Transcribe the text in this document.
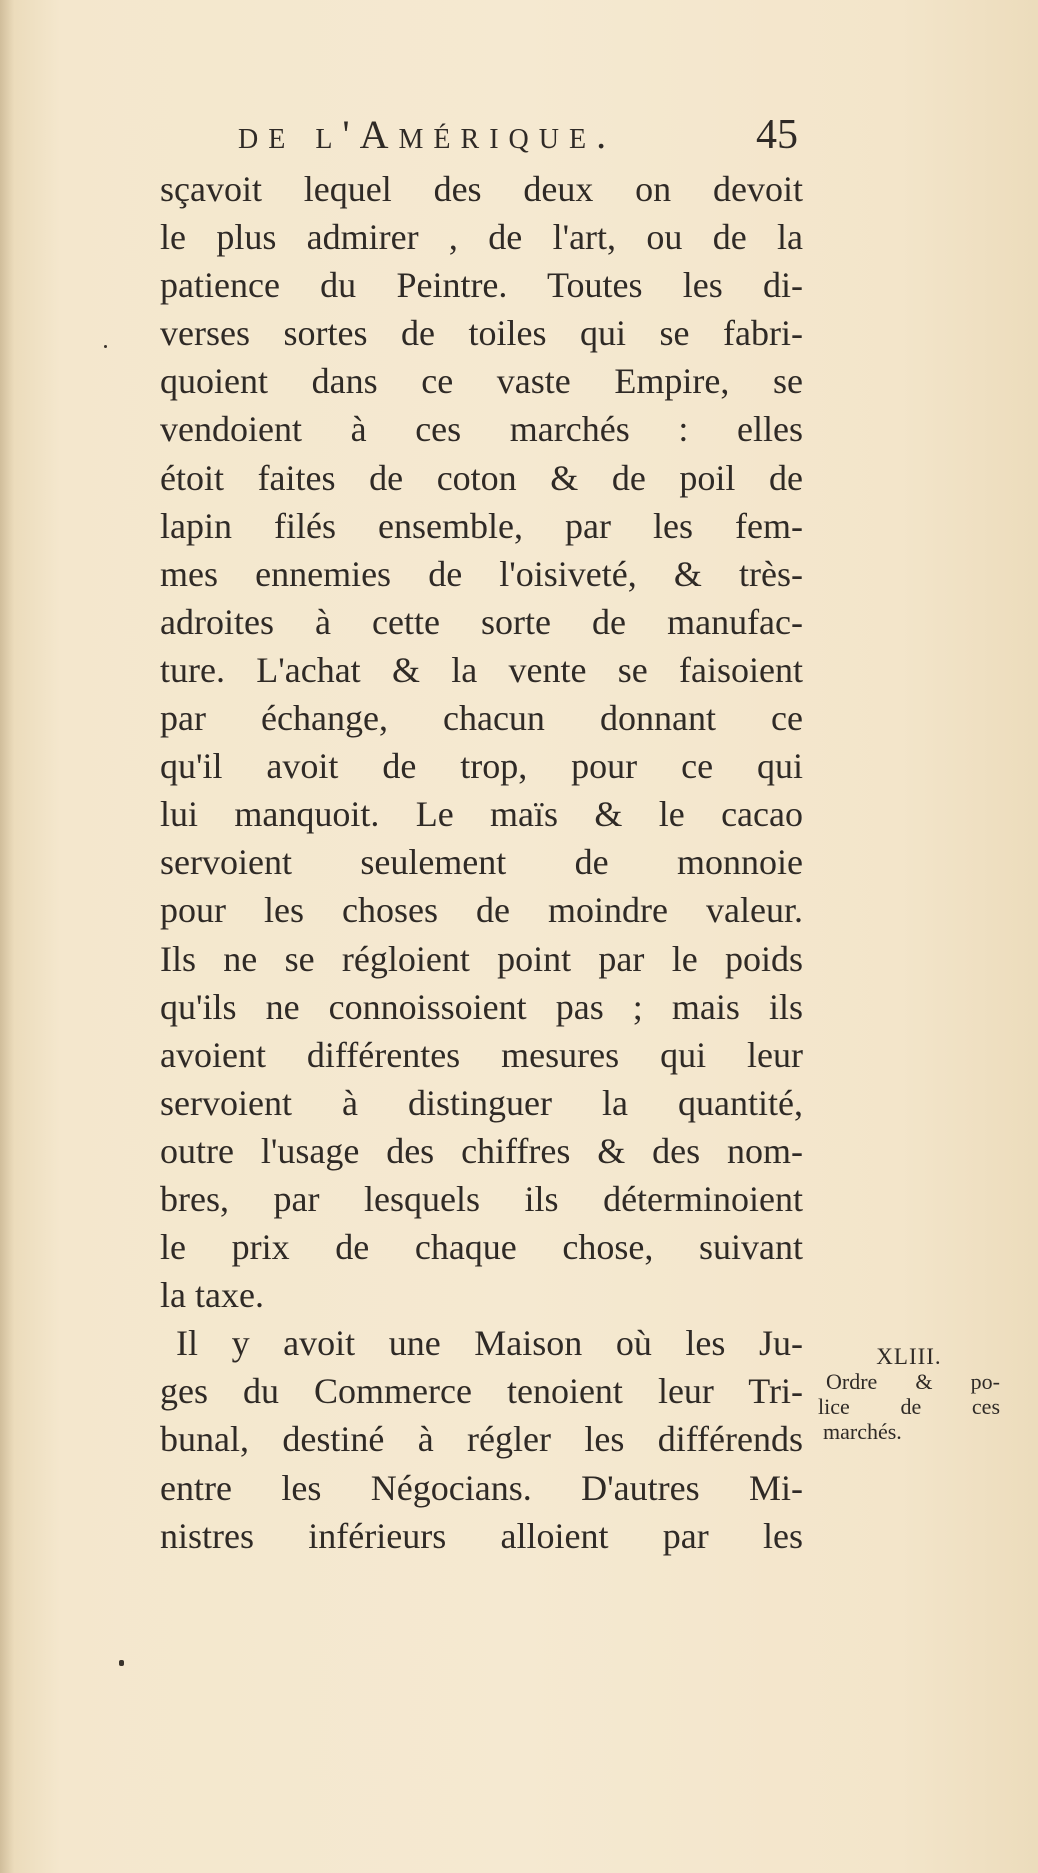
de l'Amérique.	45
sçavoit lequel des deux on devoit
le plus admirer , de l'art, ou de la
patience du Peintre. Toutes les di-
verses sortes de toiles qui se fabri-
quoient dans ce vaste Empire, se
vendoient à ces marchés : elles
étoit faites de coton & de poil de
lapin filés ensemble, par les fem-
mes ennemies de l'oisiveté, & très-
adroites à cette sorte de manufac-
ture. L'achat & la vente se faisoient
par échange, chacun donnant ce
qu'il avoit de trop, pour ce qui
lui manquoit. Le maïs & le cacao
servoient seulement de monnoie
pour les choses de moindre valeur.
Ils ne se régloient point par le poids
qu'ils ne connoissoient pas ; mais ils
avoient différentes mesures qui leur
servoient à distinguer la quantité,
outre l'usage des chiffres & des nom-
bres, par lesquels ils déterminoient
le prix de chaque chose, suivant
la taxe.
Il y avoit une Maison où les Ju-
ges du Commerce tenoient leur Tri-
bunal, destiné à régler les différends
entre les Négocians. D'autres Mi-
nistres inférieurs alloient par les
XLIII.
Ordre & po-
lice de ces
marchés.
